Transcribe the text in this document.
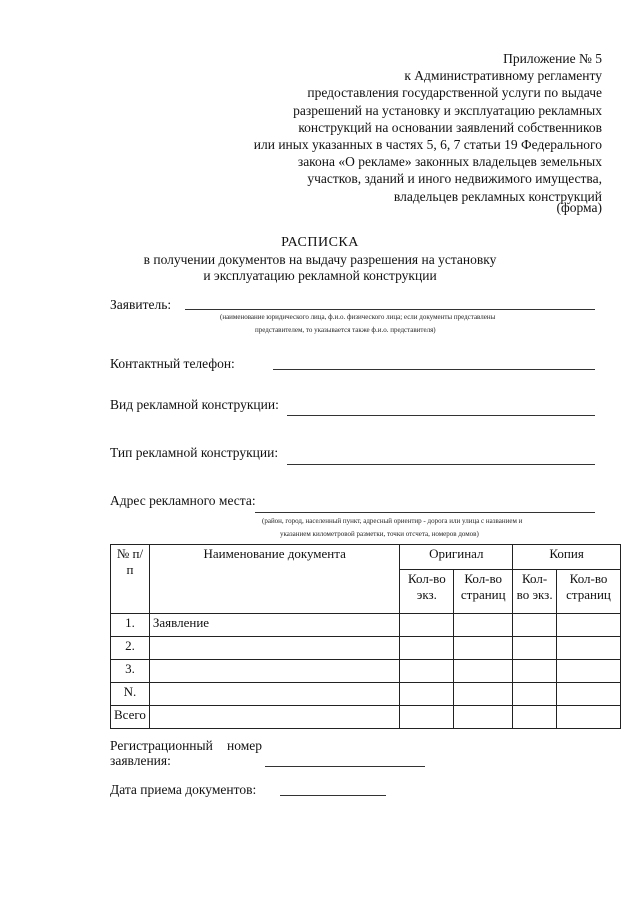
Приложение № 5
к Административному регламенту
предоставления государственной услуги по выдаче
разрешений на установку и эксплуатацию рекламных
конструкций на основании заявлений собственников
или иных указанных в частях 5, 6, 7 статьи 19 Федерального
закона «О рекламе» законных владельцев земельных
участков, зданий и иного недвижимого имущества,
владельцев рекламных конструкций
(форма)
РАСПИСКА
в получении документов на выдачу разрешения на установку
и эксплуатацию рекламной конструкции
Заявитель:
(наименование юридического лица, ф.и.о. физического лица; если документы представлены
представителем, то указывается также ф.и.о. представителя)
Контактный телефон:
Вид рекламной конструкции:
Тип рекламной конструкции:
Адрес рекламного места:
(район, город, населенный пункт, адресный ориентир - дорога или улица с названием и
указанием километровой разметки, точки отсчета, номеров домов)
№ п/п	Наименование документа	Оригинал		Копия	
		Кол-во экз.	Кол-во страниц	Кол-во экз.	Кол-во страниц
1.	Заявление				
2.					
3.					
N.					
Всего					
Регистрационный номер
заявления:
Дата приема документов:
